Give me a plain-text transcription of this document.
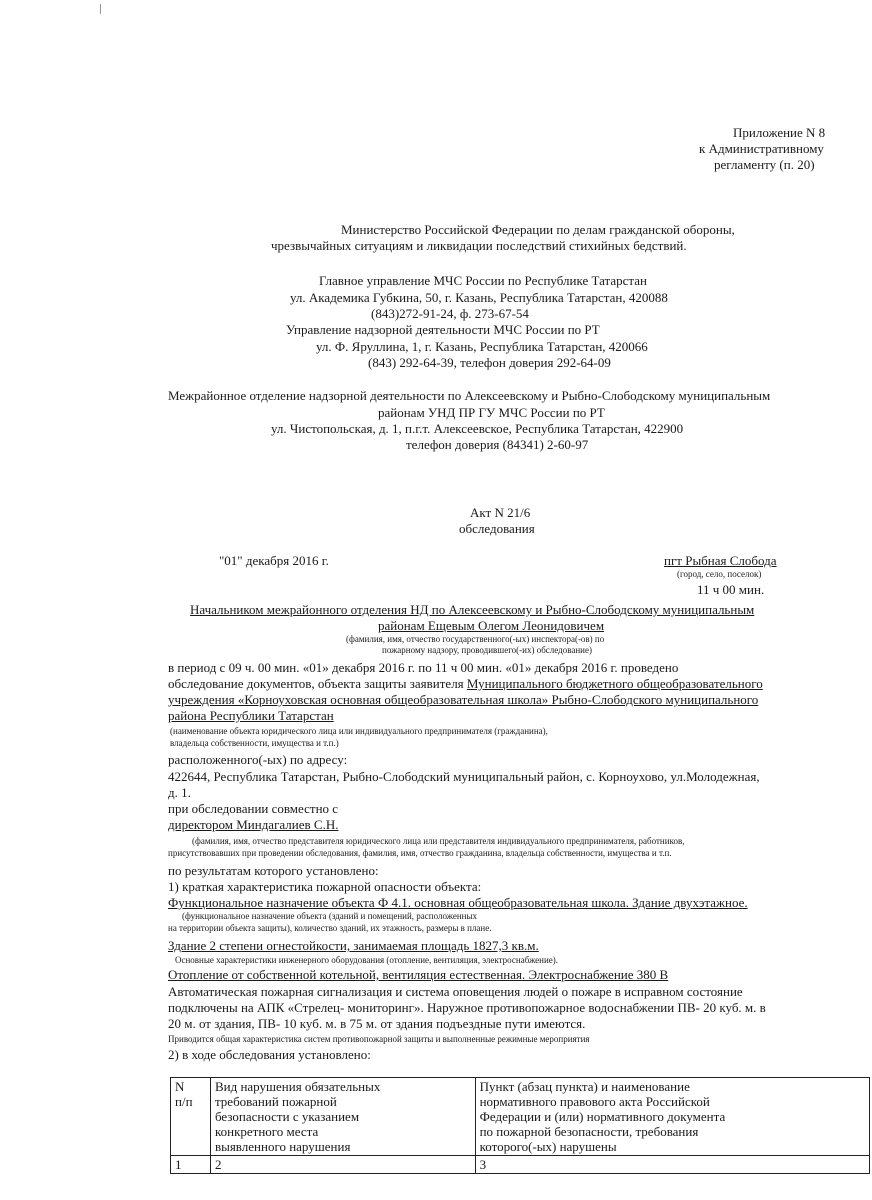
Приложение N 8
к Административному
регламенту (п. 20)
Министерство Российской Федерации по делам гражданской обороны,
чрезвычайных ситуациям и ликвидации последствий стихийных бедствий.
Главное управление МЧС России по Республике Татарстан
ул. Академика Губкина, 50, г. Казань, Республика Татарстан, 420088
(843)272-91-24, ф. 273-67-54
Управление надзорной деятельности МЧС России по РТ
ул. Ф. Яруллина, 1, г. Казань, Республика Татарстан, 420066
(843) 292-64-39, телефон доверия 292-64-09
Межрайонное отделение надзорной деятельности по Алексеевскому и Рыбно-Слободскому муниципальным
районам УНД ПР ГУ МЧС России по РТ
ул. Чистопольская, д. 1, п.г.т. Алексеевское, Республика Татарстан, 422900
телефон доверия (84341) 2-60-97
Акт N 21/6
обследования
"01" декабря 2016 г.	пгт Рыбная Слобода
(город, село, поселок)
11 ч 00 мин.
Начальником межрайонного отделения НД по Алексеевскому и Рыбно-Слободскому муниципальным
районам Ещевым Олегом Леонидовичем
(фамилия, имя, отчество государственного(-ых) инспектора(-ов) по
пожарному надзору, проводившего(-их) обследование)
в период с 09 ч. 00 мин. «01» декабря 2016 г. по 11 ч 00 мин. «01» декабря 2016 г. проведено
обследование документов, объекта защиты заявителя Муниципального бюджетного общеобразовательного
учреждения «Корноуховская основная общеобразовательная школа» Рыбно-Слободского муниципального
района Республики Татарстан
(наименование объекта юридического лица или индивидуального предпринимателя (гражданина),
владельца собственности, имущества и т.п.)
расположенного(-ых) по адресу:
422644, Республика Татарстан, Рыбно-Слободский муниципальный район, с. Корноухово, ул.Молодежная,
д. 1.
при обследовании совместно с
директором Миндагалиев С.Н.
(фамилия, имя, отчество представителя юридического лица или представителя индивидуального предпринимателя, работников,
присутствовавших при проведении обследования, фамилия, имя, отчество гражданина, владельца собственности, имущества и т.п.
по результатам которого установлено:
1) краткая характеристика пожарной опасности объекта:
Функциональное назначение объекта Ф 4.1. основная общеобразовательная школа. Здание двухэтажное.
(функциональное назначение объекта (зданий и помещений, расположенных
на территории объекта защиты), количество зданий, их этажность, размеры в плане.
Здание 2 степени огнестойкости, занимаемая площадь 1827,3 кв.м.
Основные характеристики инженерного оборудования (отопление, вентиляция, электроснабжение).
Отопление от собственной котельной, вентиляция естественная. Электроснабжение 380 В
Автоматическая пожарная сигнализация и система оповещения людей о пожаре в исправном состояние
подключены на АПК «Стрелец- мониторинг». Наружное противопожарное водоснабжении ПВ- 20 куб. м. в
20 м. от здания, ПВ- 10 куб. м. в 75 м. от здания подъездные пути имеются.
Приводится общая характеристика систем противопожарной защиты и выполненные режимные мероприятия
2) в ходе обследования установлено:
N
п/п	Вид нарушения обязательных
требований пожарной
безопасности с указанием
конкретного места
выявленного нарушения	Пункт (абзац пункта) и наименование
нормативного правового акта Российской
Федерации и (или) нормативного документа
по пожарной безопасности, требования
которого(-ых) нарушены

1	2	3
